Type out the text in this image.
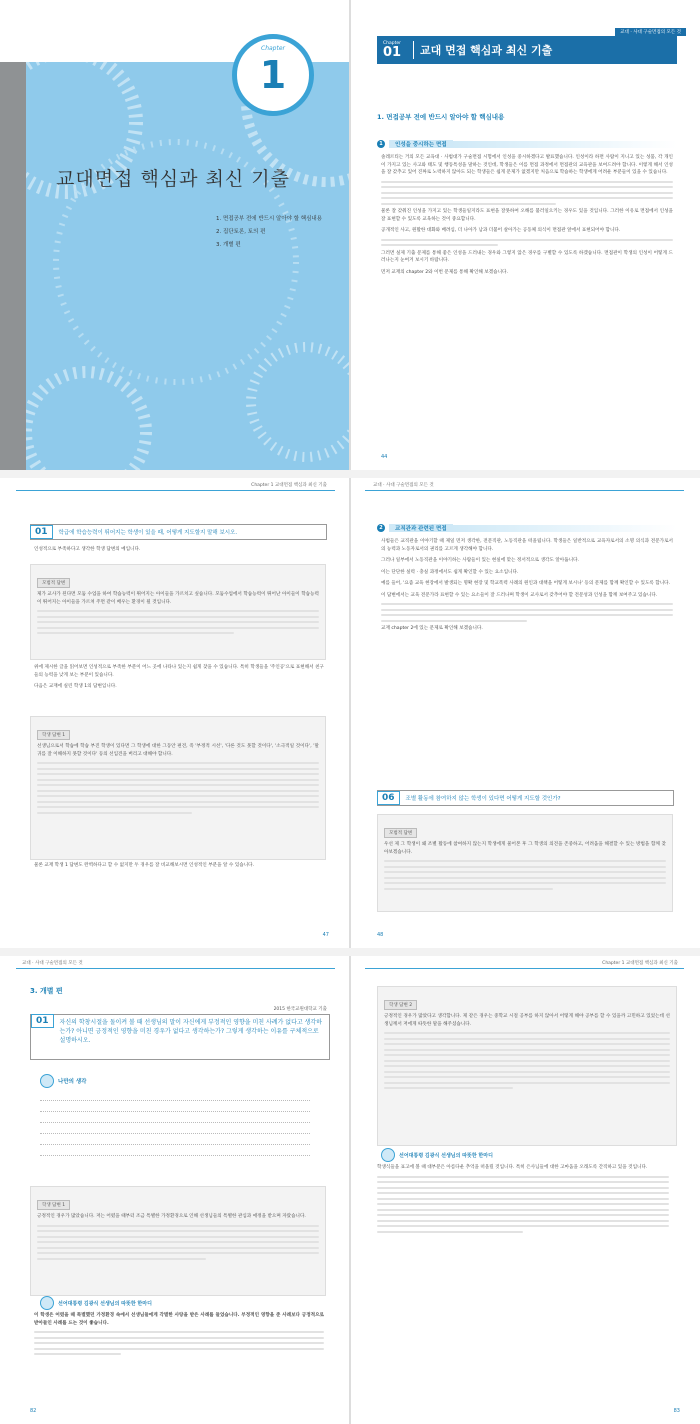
교대면접 핵심과 최신 기출
1. 면접공부 전에 반드시 알아야 할 핵심내용
2. 집단토론, 토의 편
3. 개별 편
Chapter
1
교대 · 사대 구술면접의 모든 것
Chapter
01	교대 면접 핵심과 최신 기출
1. 면접공부 전에 반드시 알아야 할 핵심내용
1	인성을 중시하는 면접

솔레르티는 거의 모든 교육대 · 사범대가 구술면접 시험에서 인성을 중시하겠다고 발표했습니다. 인성이라 하면 사람이 지니고 있는 성품, 각 개인이 가지고 있는 사고와 태도 및 행동특성을 말하는 것인데, 학생들은 이를 면접 과정에서 면접관의 교육관을 보여드려야 합니다. 이렇게 해서 인성을 잘 갖추고 있어 진짜로 노력하지 않아도 되는 학생들은 쉽게 문제가 없겠지만 처음으로 학습하는 학생에게 어려운 부분들이 있을 수 있습니다.

물론 잘 갖춰진 인성을 가지고 있는 학생들일지라도 표현을 잘못하여 오해를 불러일으키는 경우도 있을 것입니다. 그러한 이유로 면접에서 인성을 잘 표현할 수 있도록 교육하는 것이 중요합니다.

공개적인 사고, 원활한 대화와 배려심, 더 나아가 남과 더불어 살아가는 공동체 의식이 면접관 앞에서 표현되어야 합니다.

그러면 실제 기출 문제를 통해 좋은 인성을 드러내는 경우와 그렇지 않은 경우를 구별할 수 있도록 하겠습니다. 면접관이 학생의 인성이 어떻게 드러나는지 눈여겨 보시기 바랍니다.

먼저 교재의 chapter 2와 이번 문제를 통해 확인해 보겠습니다.

44
Chapter 1 교대면접 핵심과 최신 기출
01	학급에 학습능력이 뛰어지는 학생이 있을 때, 어떻게 지도할지 말해 보시오.
인성적으로 부족하다고 생각한 학생 답변의 예입니다.
모범적 답변
제가 교사가 된다면 모둠 수업을 하여 학습능력이 뛰어지는 아이들을 가르치고 싶습니다. 모둠수업에서 학습능력이 뛰어난 아이들이 학습능력이 뛰어지는 아이들을 가르쳐 주면 같이 배우는 환경이 될 것입니다.

위에 제시한 글을 읽어보면 인성적으로 부족한 부분이 어느 곳에 나타나 있는지 쉽게 찾을 수 있습니다. 특히 학생들을 '주인공'으로 표현해서 친구들의 능력을 낮게 보는 부분이 있습니다.

다음은 교재에 실린 학생 1의 답변입니다.

학생 답변 1
선생님으로서 학습에 학습 부진 학생이 있다면 그 학생에 대한 그동안 편견, 즉 '부정적 시선', '다른 것도 못할 것이다', '소극적일 것이다', '말귀를 잘 이해하지 못할 것이다' 등의 선입견을 버리고 대해야 합니다.
물론 교재 학생 1 답변도 완벽하다고 할 수 없지만 두 경우를 잘 비교해보시면 인성적인 부분을 알 수 있습니다.
47
교대 · 사대 구술면접의 모든 것
2	교직관과 관련된 면접

사범들은 교직관을 이야기할 때 제일 먼저 생각한, 전문직관, 노동직관을 떠올립니다. 학생들은 일반적으로 교육자로서의 소명 의식과 전문가로서의 능력과 노동자로서의 권리를 고르게 생각해야 합니다.

그러나 일부에서 노동직관을 이야기하는 사람들이 있는 현실에 맞는 정서적으로 생각도 알아둡니다.

이는 단단한 실력 · 충실 과정에서도 쉽게 확인할 수 있는 요소입니다.

예를 들어, '요즘 교육 현장에서 발생되는 명확 현장 및 학교폭력 사례의 원인과 대책을 어떻게 보시나' 등의 문제를 함께 확인할 수 있도록 합니다.

이 답변에서는 교육 전문가라 표현할 수 있는 요소들이 잘 드러나며 학생이 교사로서 갖추어야 할 전문성과 인성을 함께 보여주고 있습니다.

교재 chapter 2에 있는 문제로 확인해 보겠습니다.

06	조별 활동에 참여하지 않는 학생이 있다면 어떻게 지도할 것인가?
모범적 답변
우선 제 그 학생이 왜 조별 활동에 참여하지 않는지 학생에게 물어본 후 그 학생의 의견을 존중하고, 어려움을 해결할 수 있는 방법을 함께 찾아보겠습니다.
48
교대 · 사대 구술면접의 모든 것
3. 개별 편
2015 한국교원대학교 기출
01	자신의 학창시절을 돌이켜 볼 때 선생님의 말이 자신에게 부정적인 영향을 미친 사례가 없다고 생각하는가? 아니면 긍정적인 영향을 미친 경우가 없다고 생각하는가? 그렇게 생각하는 이유를 구체적으로 설명하시오.
나만의 생각
학생 답변 1
긍정적인 경우가 많았습니다. 저는 어렸을 때부터 조금 특별한 가정환경으로 인해 선생님들의 특별한 관심과 애정을 받으며 자랐습니다.
선어대통령 김광식 선생님의 따뜻한 한마디

이 학생은 어렸을 때 특별했던 가정환경 속에서 선생님들에게 각별한 사랑을 받은 사례를 들었습니다. 부정적인 영향을 준 사례보다 긍정적으로 받아들인 사례를 드는 것이 좋습니다.

82
Chapter 1 교대면접 핵심과 최신 기출
학생 답변 2
긍정적인 경우가 많았다고 생각합니다. 제 같은 경우는 중학교 시절 공부를 하지 않아서 어떻게 해야 공부를 할 수 있을까 고민하고 있었는데 선생님께서 저에게 따뜻한 말을 해주셨습니다.
선어대통령 김광식 선생님의 따뜻한 한마디

학생식들을 표고에 볼 때 대부분은 아름다운 추억을 떠올릴 것입니다. 특히 은사님들에 대한 고마움을 오래도록 간직하고 있을 것입니다.

83
